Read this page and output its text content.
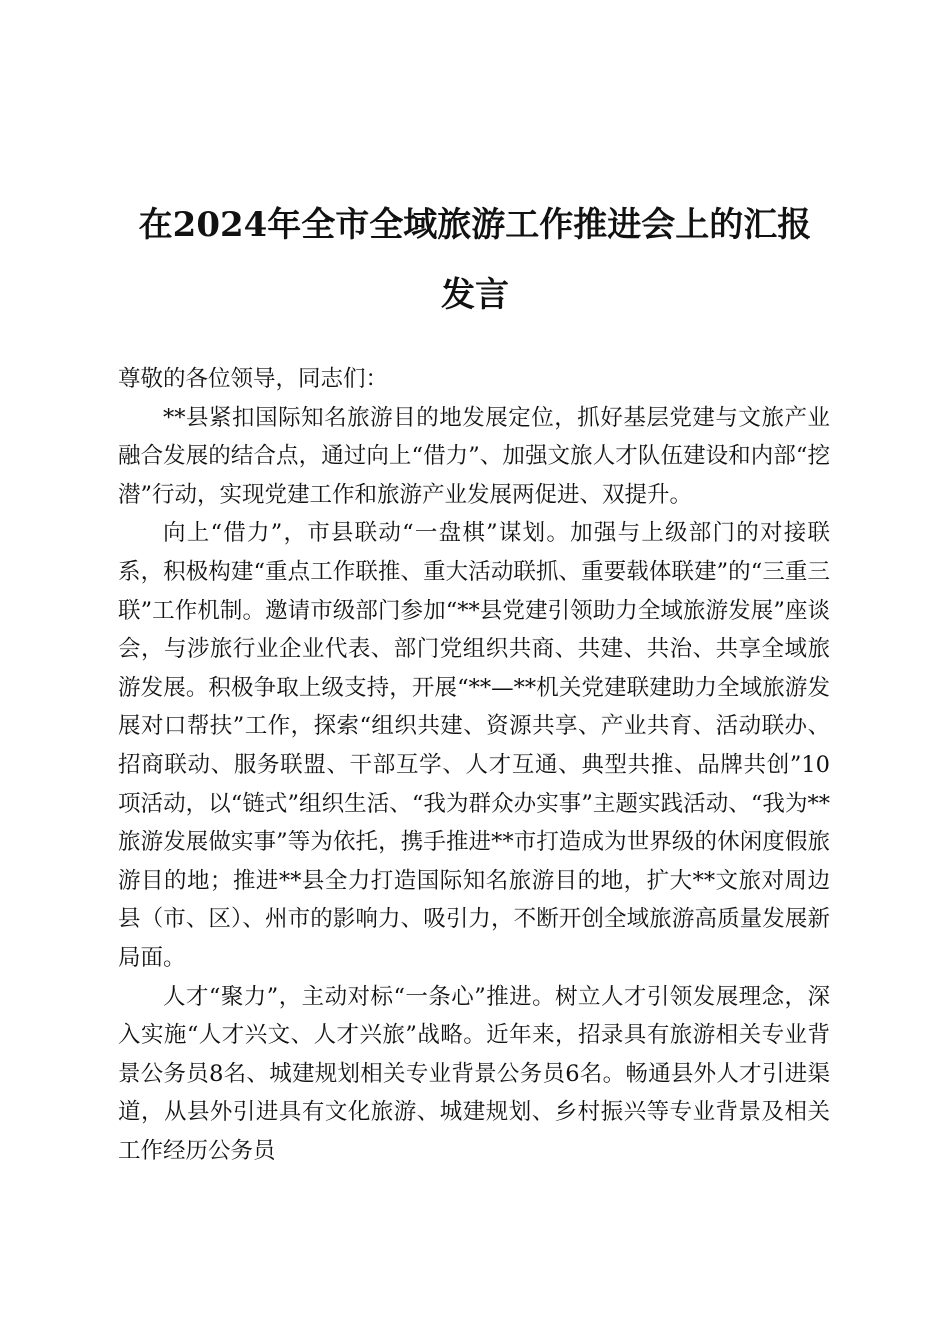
在2024年全市全域旅游工作推进会上的汇报
发言

尊敬的各位领导，同志们：

**县紧扣国际知名旅游目的地发展定位，抓好基层党建与文旅产业融合发展的结合点，通过向上“借力”、加强文旅人才队伍建设和内部“挖潜”行动，实现党建工作和旅游产业发展两促进、双提升。

向上“借力”，市县联动“一盘棋”谋划。加强与上级部门的对接联系，积极构建“重点工作联推、重大活动联抓、重要载体联建”的“三重三联”工作机制。邀请市级部门参加“**县党建引领助力全域旅游发展”座谈会，与涉旅行业企业代表、部门党组织共商、共建、共治、共享全域旅游发展。积极争取上级支持，开展“**—**机关党建联建助力全域旅游发展对口帮扶”工作，探索“组织共建、资源共享、产业共育、活动联办、招商联动、服务联盟、干部互学、人才互通、典型共推、品牌共创”10项活动，以“链式”组织生活、“我为群众办实事”主题实践活动、“我为**旅游发展做实事”等为依托，携手推进**市打造成为世界级的休闲度假旅游目的地；推进**县全力打造国际知名旅游目的地，扩大**文旅对周边县（市、区）、州市的影响力、吸引力，不断开创全域旅游高质量发展新局面。

人才“聚力”，主动对标“一条心”推进。树立人才引领发展理念，深入实施“人才兴文、人才兴旅”战略。近年来，招录具有旅游相关专业背景公务员8名、城建规划相关专业背景公务员6名。畅通县外人才引进渠道，从县外引进具有文化旅游、城建规划、乡村振兴等专业背景及相关工作经历公务员
